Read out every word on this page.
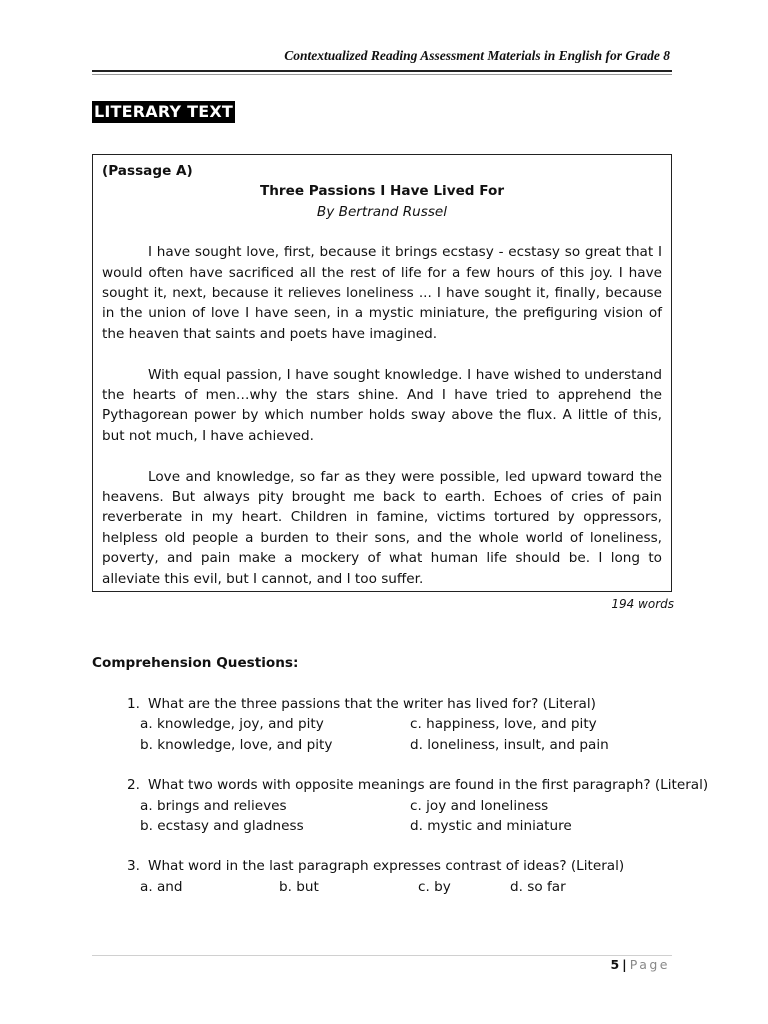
Contextualized Reading Assessment Materials in English for Grade 8
LITERARY TEXT
(Passage A)
Three Passions I Have Lived For
By Bertrand Russel

I have sought love, first, because it brings ecstasy - ecstasy so great that I would often have sacrificed all the rest of life for a few hours of this joy. I have sought it, next, because it relieves loneliness ... I have sought it, finally, because in the union of love I have seen, in a mystic miniature, the prefiguring vision of the heaven that saints and poets have imagined.

With equal passion, I have sought knowledge. I have wished to understand the hearts of men…why the stars shine. And I have tried to apprehend the Pythagorean power by which number holds sway above the flux. A little of this, but not much, I have achieved.

Love and knowledge, so far as they were possible, led upward toward the heavens. But always pity brought me back to earth. Echoes of cries of pain reverberate in my heart. Children in famine, victims tortured by oppressors, helpless old people a burden to their sons, and the whole world of loneliness, poverty, and pain make a mockery of what human life should be. I long to alleviate this evil, but I cannot, and I too suffer.

194 words
Comprehension Questions:
1. What are the three passions that the writer has lived for? (Literal)
a. knowledge, joy, and pity	c. happiness, love, and pity
b. knowledge, love, and pity	d. loneliness, insult, and pain
2. What two words with opposite meanings are found in the first paragraph? (Literal)
a. brings and relieves	c. joy and loneliness
b. ecstasy and gladness	d. mystic and miniature
3. What word in the last paragraph expresses contrast of ideas? (Literal)
a. and	b. but	c. by	d. so far
5 | Page
